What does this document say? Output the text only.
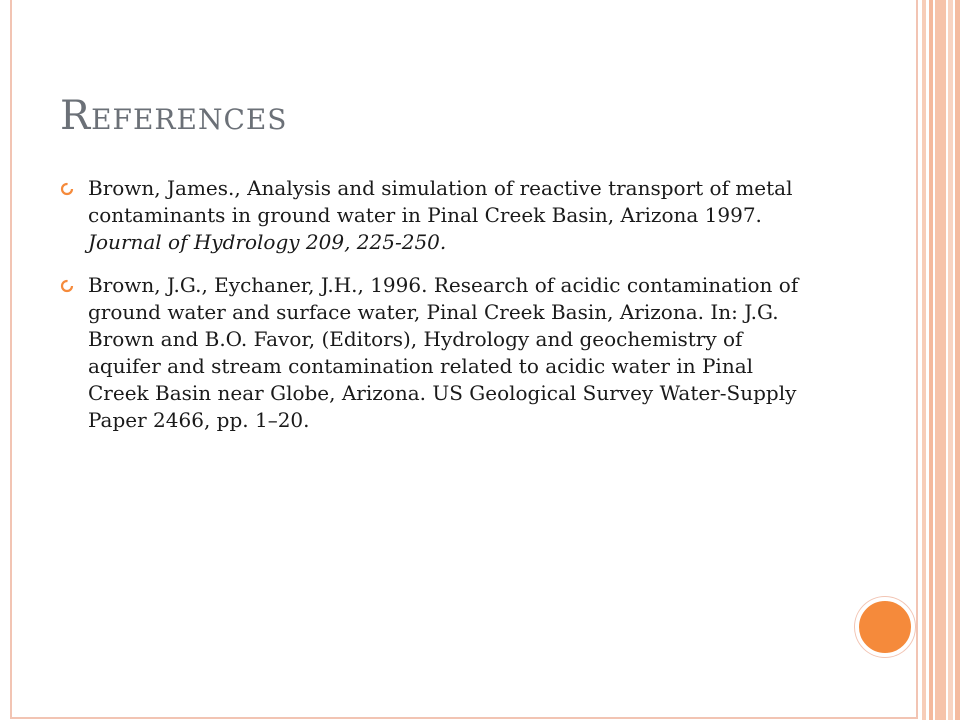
References
Brown, James., Analysis and simulation of reactive transport of metal contaminants in ground water in Pinal Creek Basin, Arizona 1997. Journal of Hydrology 209, 225-250.
Brown, J.G., Eychaner, J.H., 1996. Research of acidic contamination of ground water and surface water, Pinal Creek Basin, Arizona. In: J.G. Brown and B.O. Favor, (Editors), Hydrology and geochemistry of aquifer and stream contamination related to acidic water in Pinal Creek Basin near Globe, Arizona. US Geological Survey Water-Supply Paper 2466, pp. 1–20.
